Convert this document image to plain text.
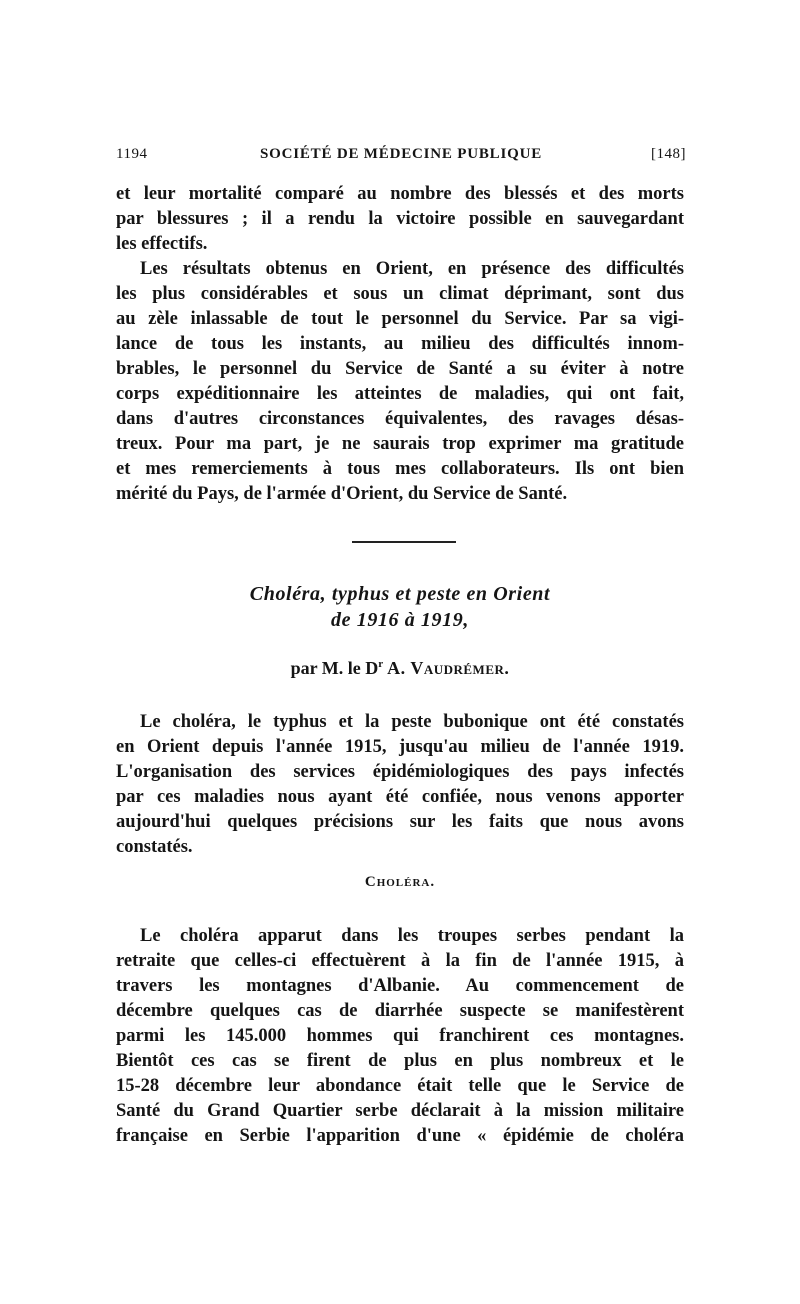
1194	SOCIÉTÉ DE MÉDECINE PUBLIQUE	[148]
et leur mortalité comparé au nombre des blessés et des morts
par blessures ; il a rendu la victoire possible en sauvegardant
les effectifs.
Les résultats obtenus en Orient, en présence des difficultés
les plus considérables et sous un climat déprimant, sont dus
au zèle inlassable de tout le personnel du Service. Par sa vigi-
lance de tous les instants, au milieu des difficultés innom-
brables, le personnel du Service de Santé a su éviter à notre
corps expéditionnaire les atteintes de maladies, qui ont fait,
dans d'autres circonstances équivalentes, des ravages désas-
treux. Pour ma part, je ne saurais trop exprimer ma gratitude
et mes remerciements à tous mes collaborateurs. Ils ont bien
mérité du Pays, de l'armée d'Orient, du Service de Santé.
Choléra, typhus et peste en Orient
de 1916 à 1919,
par M. le $D^r$ A. Vaudrémer.
Le choléra, le typhus et la peste bubonique ont été constatés
en Orient depuis l'année 1915, jusqu'au milieu de l'année 1919.
L'organisation des services épidémiologiques des pays infectés
par ces maladies nous ayant été confiée, nous venons apporter
aujourd'hui quelques précisions sur les faits que nous avons
constatés.
Choléra.
Le choléra apparut dans les troupes serbes pendant la
retraite que celles-ci effectuèrent à la fin de l'année 1915, à
travers les montagnes d'Albanie. Au commencement de
décembre quelques cas de diarrhée suspecte se manifestèrent
parmi les 145.000 hommes qui franchirent ces montagnes.
Bientôt ces cas se firent de plus en plus nombreux et le
15-28 décembre leur abondance était telle que le Service de
Santé du Grand Quartier serbe déclarait à la mission militaire
française en Serbie l'apparition d'une « épidémie de choléra
